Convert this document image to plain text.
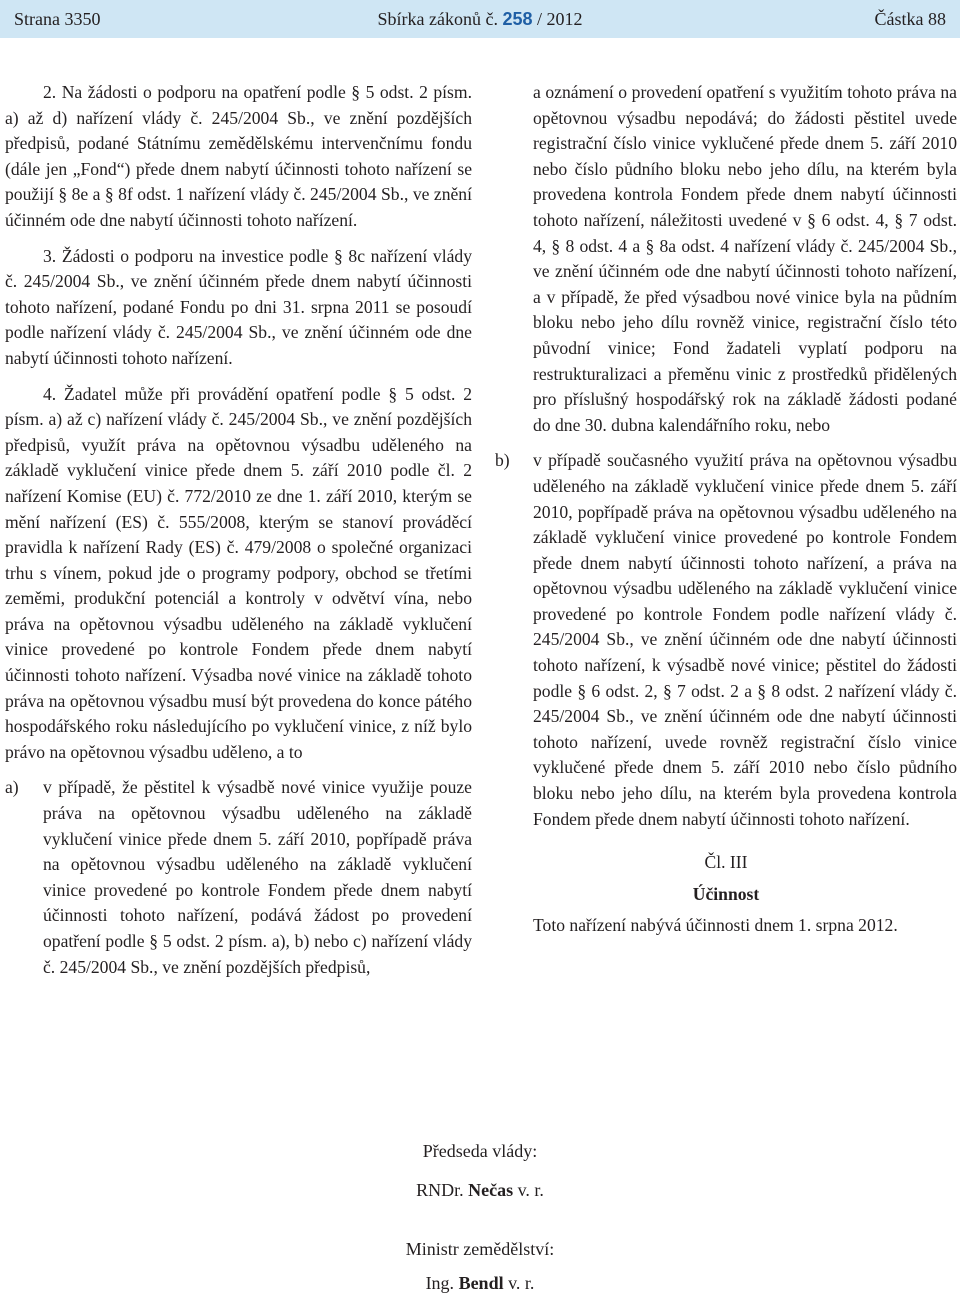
Strana 3350	Sbírka zákonů č. 258 / 2012	Částka 88

2. Na žádosti o podporu na opatření podle § 5 odst. 2 písm. a) až d) nařízení vlády č. 245/2004 Sb., ve znění pozdějších předpisů, podané Státnímu zemědělskému intervenčnímu fondu (dále jen „Fond“) přede dnem nabytí účinnosti tohoto nařízení se použijí § 8e a § 8f odst. 1 nařízení vlády č. 245/2004 Sb., ve znění účinném ode dne nabytí účinnosti tohoto nařízení.

3. Žádosti o podporu na investice podle § 8c nařízení vlády č. 245/2004 Sb., ve znění účinném přede dnem nabytí účinnosti tohoto nařízení, podané Fondu po dni 31. srpna 2011 se posoudí podle nařízení vlády č. 245/2004 Sb., ve znění účinném ode dne nabytí účinnosti tohoto nařízení.

4. Žadatel může při provádění opatření podle § 5 odst. 2 písm. a) až c) nařízení vlády č. 245/2004 Sb., ve znění pozdějších předpisů, využít práva na opětovnou výsadbu uděleného na základě vyklučení vinice přede dnem 5. září 2010 podle čl. 2 nařízení Komise (EU) č. 772/2010 ze dne 1. září 2010, kterým se mění nařízení (ES) č. 555/2008, kterým se stanoví prováděcí pravidla k nařízení Rady (ES) č. 479/2008 o společné organizaci trhu s vínem, pokud jde o programy podpory, obchod se třetími zeměmi, produkční potenciál a kontroly v odvětví vína, nebo práva na opětovnou výsadbu uděleného na základě vyklučení vinice provedené po kontrole Fondem přede dnem nabytí účinnosti tohoto nařízení. Výsadba nové vinice na základě tohoto práva na opětovnou výsadbu musí být provedena do konce pátého hospodářského roku následujícího po vyklučení vinice, z níž bylo právo na opětovnou výsadbu uděleno, a to

a) v případě, že pěstitel k výsadbě nové vinice využije pouze práva na opětovnou výsadbu uděleného na základě vyklučení vinice přede dnem 5. září 2010, popřípadě práva na opětovnou výsadbu uděleného na základě vyklučení vinice provedené po kontrole Fondem přede dnem nabytí účinnosti tohoto nařízení, podává žádost po provedení opatření podle § 5 odst. 2 písm. a), b) nebo c) nařízení vlády č. 245/2004 Sb., ve znění pozdějších předpisů,
a oznámení o provedení opatření s využitím tohoto práva na opětovnou výsadbu nepodává; do žádosti pěstitel uvede registrační číslo vinice vyklučené přede dnem 5. září 2010 nebo číslo půdního bloku nebo jeho dílu, na kterém byla provedena kontrola Fondem přede dnem nabytí účinnosti tohoto nařízení, náležitosti uvedené v § 6 odst. 4, § 7 odst. 4, § 8 odst. 4 a § 8a odst. 4 nařízení vlády č. 245/2004 Sb., ve znění účinném ode dne nabytí účinnosti tohoto nařízení, a v případě, že před výsadbou nové vinice byla na půdním bloku nebo jeho dílu rovněž vinice, registrační číslo této původní vinice; Fond žadateli vyplatí podporu na restrukturalizaci a přeměnu vinic z prostředků přidělených pro příslušný hospodářský rok na základě žádosti podané do dne 30. dubna kalendářního roku, nebo
b) v případě současného využití práva na opětovnou výsadbu uděleného na základě vyklučení vinice přede dnem 5. září 2010, popřípadě práva na opětovnou výsadbu uděleného na základě vyklučení vinice provedené po kontrole Fondem přede dnem nabytí účinnosti tohoto nařízení, a práva na opětovnou výsadbu uděleného na základě vyklučení vinice provedené po kontrole Fondem podle nařízení vlády č. 245/2004 Sb., ve znění účinném ode dne nabytí účinnosti tohoto nařízení, k výsadbě nové vinice; pěstitel do žádosti podle § 6 odst. 2, § 7 odst. 2 a § 8 odst. 2 nařízení vlády č. 245/2004 Sb., ve znění účinném ode dne nabytí účinnosti tohoto nařízení, uvede rovněž registrační číslo vinice vyklučené přede dnem 5. září 2010 nebo číslo půdního bloku nebo jeho dílu, na kterém byla provedena kontrola Fondem přede dnem nabytí účinnosti tohoto nařízení.

Čl. III

Účinnost

Toto nařízení nabývá účinnosti dnem 1. srpna 2012.

Předseda vlády:
RNDr. Nečas v. r.
Ministr zemědělství:
Ing. Bendl v. r.
